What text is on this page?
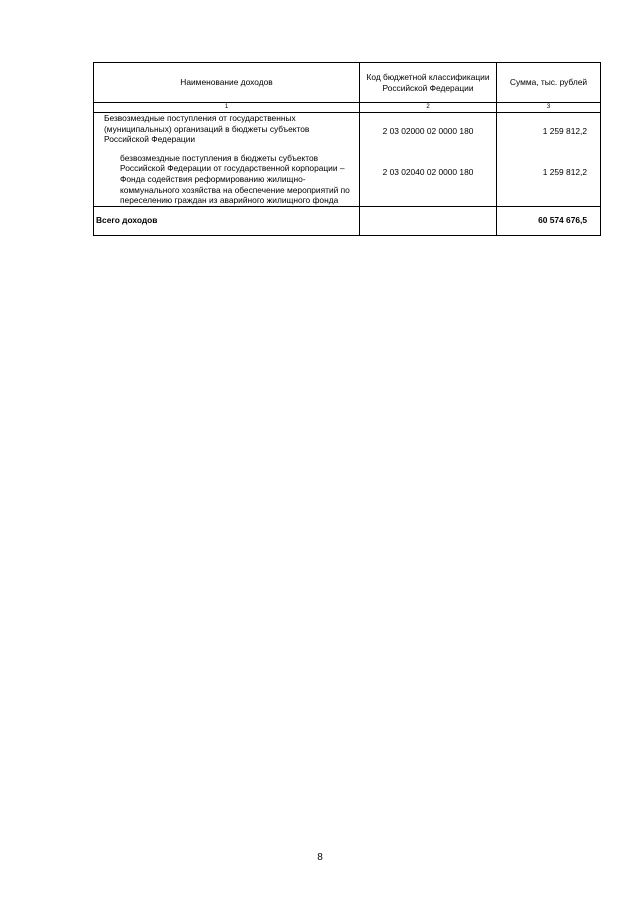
Наименование доходов	Код бюджетной классификации Российской Федерации	Сумма, тыс. рублей
1	2	3
Безвозмездные поступления от государственных (муниципальных) организаций в бюджеты субъектов Российской Федерации	2 03 02000 02 0000 180	1 259 812,2

безвозмездные поступления в бюджеты субъектов Российской Федерации от государственной корпорации – Фонда содействия реформированию жилищно-коммунального хозяйства на обеспечение мероприятий по переселению граждан из аварийного жилищного фонда	2 03 02040 02 0000 180	1 259 812,2
Всего доходов		60 574 676,5
8
